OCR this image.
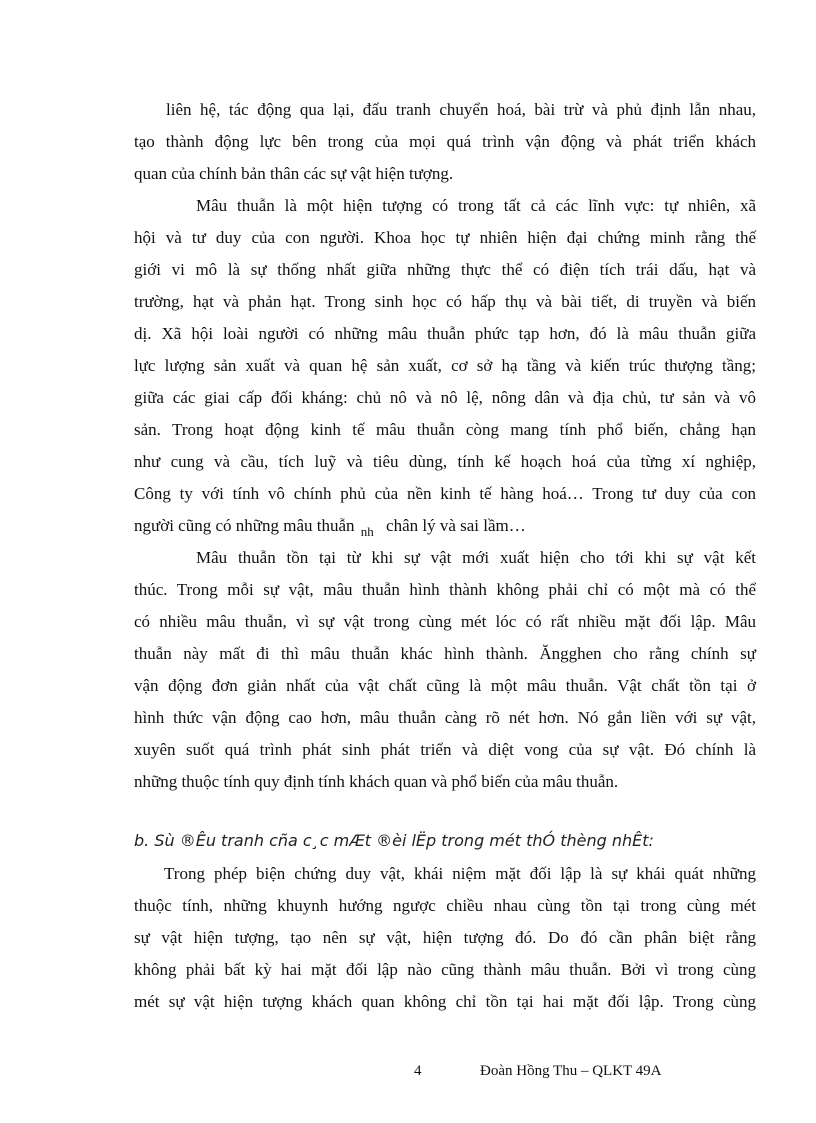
liên hệ, tác động qua lại, đấu tranh chuyển hoá, bài trừ và phủ định lẫn nhau,
tạo thành động lực bên trong của mọi quá trình vận động và phát triển khách
quan của chính bản thân các sự vật hiện tượng.
Mâu thuẫn là một hiện tượng có trong tất cả các lĩnh vực: tự nhiên, xã
hội và tư duy của con người. Khoa học tự nhiên hiện đại chứng minh rằng thế
giới vi mô là sự thống nhất giữa những thực thể có điện tích trái dấu, hạt và
trường, hạt và phản hạt. Trong sinh học có hấp thụ và bài tiết, di truyền và biến
dị. Xã hội loài người có những mâu thuẫn phức tạp hơn, đó là mâu thuẫn giữa
lực lượng sản xuất và quan hệ sản xuất, cơ sở hạ tầng và kiến trúc thượng tầng;
giữa các giai cấp đối kháng: chủ nô và nô lệ, nông dân và địa chủ, tư sản và vô
sản. Trong hoạt động kinh tế mâu thuẫn còng mang tính phổ biến, chẳng hạn
như cung và cầu, tích luỹ và tiêu dùng, tính kế hoạch hoá của từng xí nghiệp,
Công ty với tính vô chính phủ của nền kinh tế hàng hoá… Trong tư duy của con
người cũng có những mâu thuẫn $_{nh}$ chân lý và sai lầm…
Mâu thuẫn tồn tại từ khi sự vật mới xuất hiện cho tới khi sự vật kết
thúc. Trong mỗi sự vật, mâu thuẫn hình thành không phải chỉ có một mà có thể
có nhiều mâu thuẫn, vì sự vật trong cùng mét lóc có rất nhiều mặt đối lập. Mâu
thuẫn này mất đi thì mâu thuẫn khác hình thành. Ăngghen cho rằng chính sự
vận động đơn giản nhất của vật chất cũng là một mâu thuẫn. Vật chất tồn tại ở
hình thức vận động cao hơn, mâu thuẫn càng rõ nét hơn. Nó gắn liền với sự vật,
xuyên suốt quá trình phát sinh phát triển và diệt vong của sự vật. Đó chính là
những thuộc tính quy định tính khách quan và phổ biến của mâu thuẫn.
b. Sù ®Êu tranh cña c¸c mÆt ®èi lËp trong mét thÓ thèng nhÊt:
Trong phép biện chứng duy vật, khái niệm mặt đối lập là sự khái quát những
thuộc tính, những khuynh hướng ngược chiều nhau cùng tồn tại trong cùng mét
sự vật hiện tượng, tạo nên sự vật, hiện tượng đó. Do đó cần phân biệt rằng
không phải bất kỳ hai mặt đối lập nào cũng thành mâu thuẫn. Bởi vì trong cùng
mét sự vật hiện tượng khách quan không chỉ tồn tại hai mặt đối lập. Trong cùng
4	Đoàn Hồng Thu – QLKT 49A
